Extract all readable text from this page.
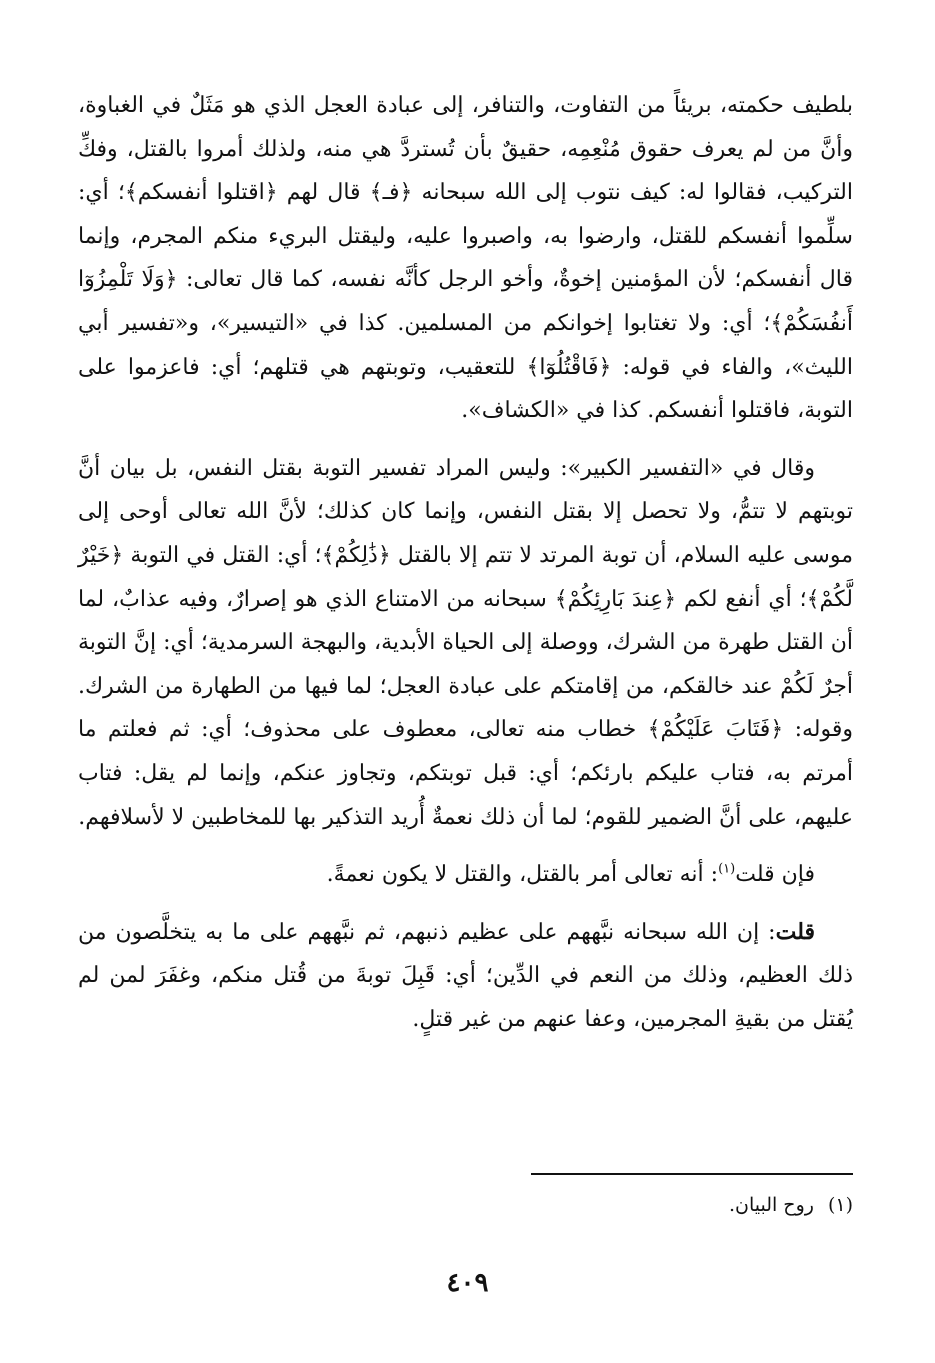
بلطيف حكمته، بريئاً من التفاوت، والتنافر، إلى عبادة العجل الذي هو مَثَلٌ في الغباوة، وأنَّ من لم يعرف حقوق مُنْعِمِه، حقيقٌ بأن تُستردَّ هي منه، ولذلك أمروا بالقتل، وفكِّ التركيب، فقالوا له: كيف نتوب إلى الله سبحانه ﴿فـ﴾ قال لهم ﴿اقتلوا أنفسكم﴾؛ أي: سلِّموا أنفسكم للقتل، وارضوا به، واصبروا عليه، وليقتل البريء منكم المجرم، وإنما قال أنفسكم؛ لأن المؤمنين إخوةٌ، وأخو الرجل كأنَّه نفسه، كما قال تعالى: ﴿وَلَا تَلْمِزُوٓا أَنفُسَكُمْ﴾؛ أي: ولا تغتابوا إخوانكم من المسلمين. كذا في «التيسير»، و«تفسير أبي الليث»، والفاء في قوله: ﴿فَاقْتُلُوٓا﴾ للتعقيب، وتوبتهم هي قتلهم؛ أي: فاعزموا على التوبة، فاقتلوا أنفسكم. كذا في «الكشاف».

وقال في «التفسير الكبير»: وليس المراد تفسير التوبة بقتل النفس، بل بيان أنَّ توبتهم لا تتمُّ، ولا تحصل إلا بقتل النفس، وإنما كان كذلك؛ لأنَّ الله تعالى أوحى إلى موسى عليه السلام، أن توبة المرتد لا تتم إلا بالقتل ﴿ذَٰلِكُمْ﴾؛ أي: القتل في التوبة ﴿خَيْرٌ لَّكُمْ﴾؛ أي أنفع لكم ﴿عِندَ بَارِئِكُمْ﴾ سبحانه من الامتناع الذي هو إصرارٌ، وفيه عذابٌ، لما أن القتل طهرة من الشرك، ووصلة إلى الحياة الأبدية، والبهجة السرمدية؛ أي: إنَّ التوبة أجرٌ لَكُمْ عند خالقكم، من إقامتكم على عبادة العجل؛ لما فيها من الطهارة من الشرك. وقوله: ﴿فَتَابَ عَلَيْكُمْ﴾ خطاب منه تعالى، معطوف على محذوف؛ أي: ثم فعلتم ما أمرتم به، فتاب عليكم بارئكم؛ أي: قبل توبتكم، وتجاوز عنكم، وإنما لم يقل: فتاب عليهم، على أنَّ الضمير للقوم؛ لما أن ذلك نعمةٌ أُريد التذكير بها للمخاطبين لا لأسلافهم.

فإن قلت$^{(١)}$: أنه تعالى أمر بالقتل، والقتل لا يكون نعمةً.

قلت: إن الله سبحانه نبَّههم على عظيم ذنبهم، ثم نبَّههم على ما به يتخلَّصون من ذلك العظيم، وذلك من النعم في الدِّين؛ أي: قَبِلَ توبةَ من قُتل منكم، وغفَرَ لمن لم يُقتل من بقيةِ المجرمين، وعفا عنهم من غير قتلٍ.

(١)روح البيان.
٤٠٩
